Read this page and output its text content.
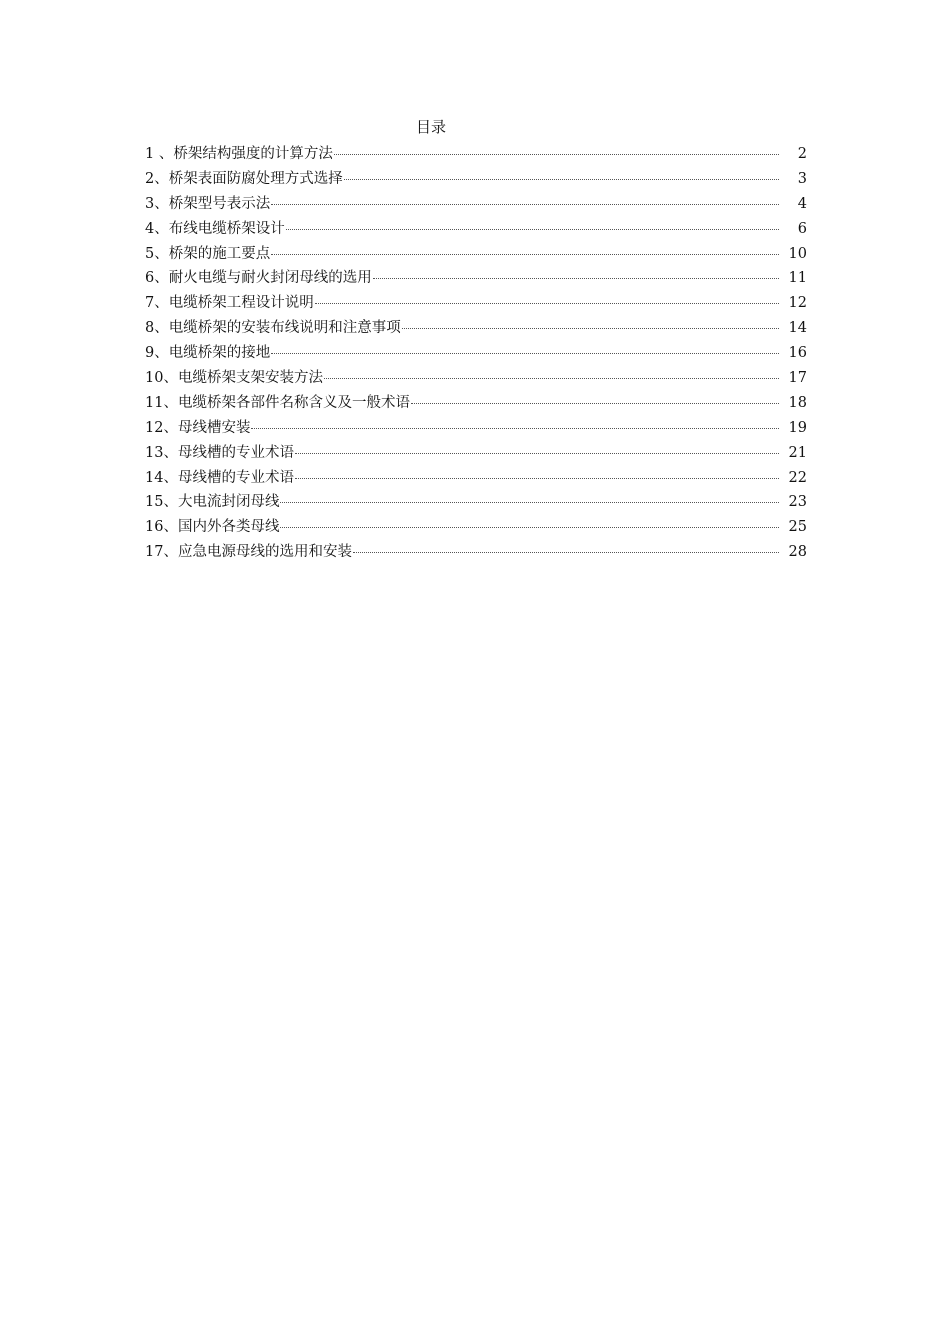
目录
1 、 桥架结构强度的计算方法	2
2、 桥架表面防腐处理方式选择	3
3、 桥架型号表示法	4
4、 布线电缆桥架设计	6
5、 桥架的施工要点	10
6、 耐火电缆与耐火封闭母线的选用	11
7、 电缆桥架工程设计说明	12
8、 电缆桥架的安装布线说明和注意事项	14
9、 电缆桥架的接地	16
10、 电缆桥架支架安装方法	17
11、 电缆桥架各部件名称含义及一般术语	18
12、 母线槽安装	19
13、 母线槽的专业术语	21
14、 母线槽的专业术语	22
15、 大电流封闭母线	23
16、 国内外各类母线	25
17、 应急电源母线的选用和安装	28
